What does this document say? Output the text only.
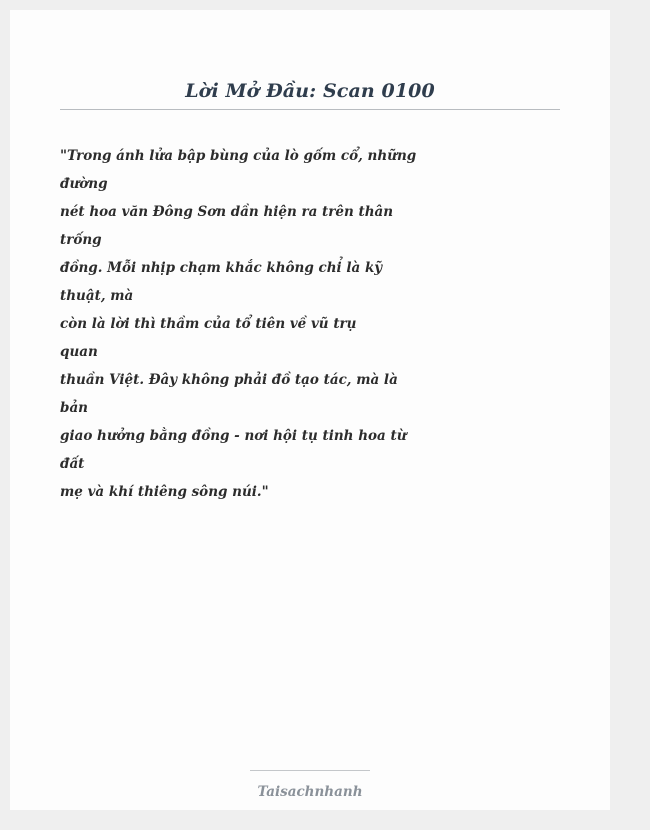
Lời Mở Đầu: Scan 0100
"Trong ánh lửa bập bùng của lò gốm cổ, những
đường
nét hoa văn Đông Sơn dần hiện ra trên thân
trống
đồng. Mỗi nhịp chạm khắc không chỉ là kỹ
thuật, mà
còn là lời thì thầm của tổ tiên về vũ trụ
quan
thuần Việt. Đây không phải đồ tạo tác, mà là
bản
giao hưởng bằng đồng - nơi hội tụ tinh hoa từ
đất
mẹ và khí thiêng sông núi."
Taisachnhanh
